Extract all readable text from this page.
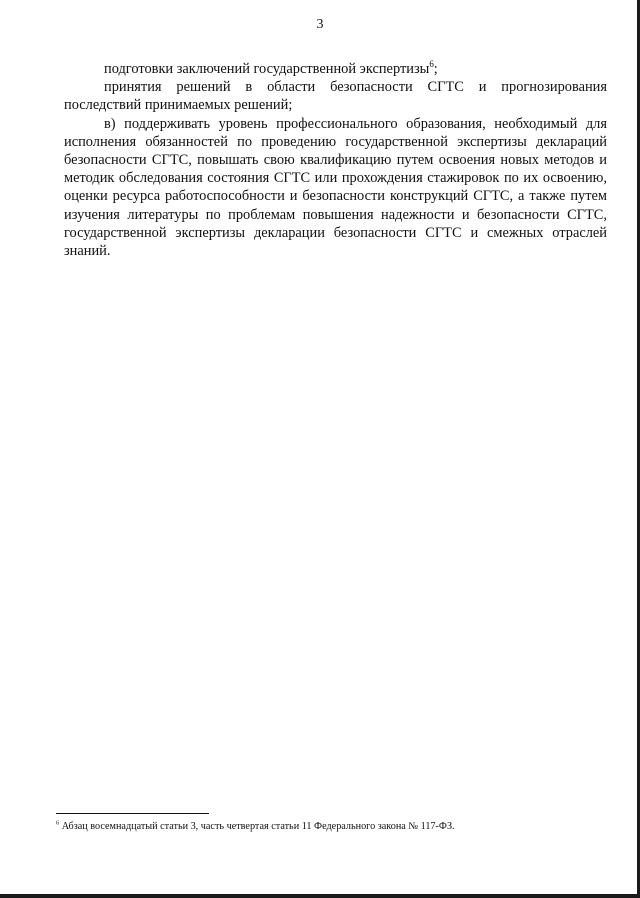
3

подготовки заключений государственной экспертизы$^6$;

принятия решений в области безопасности СГТС и прогнозирования последствий принимаемых решений;

в) поддерживать уровень профессионального образования, необходимый для исполнения обязанностей по проведению государственной экспертизы деклараций безопасности СГТС, повышать свою квалификацию путем освоения новых методов и методик обследования состояния СГТС или прохождения стажировок по их освоению, оценки ресурса работоспособности и безопасности конструкций СГТС, а также путем изучения литературы по проблемам повышения надежности и безопасности СГТС, государственной экспертизы декларации безопасности СГТС и смежных отраслей знаний.

$^6$ Абзац восемнадцатый статьи 3, часть четвертая статьи 11 Федерального закона № 117-ФЗ.
